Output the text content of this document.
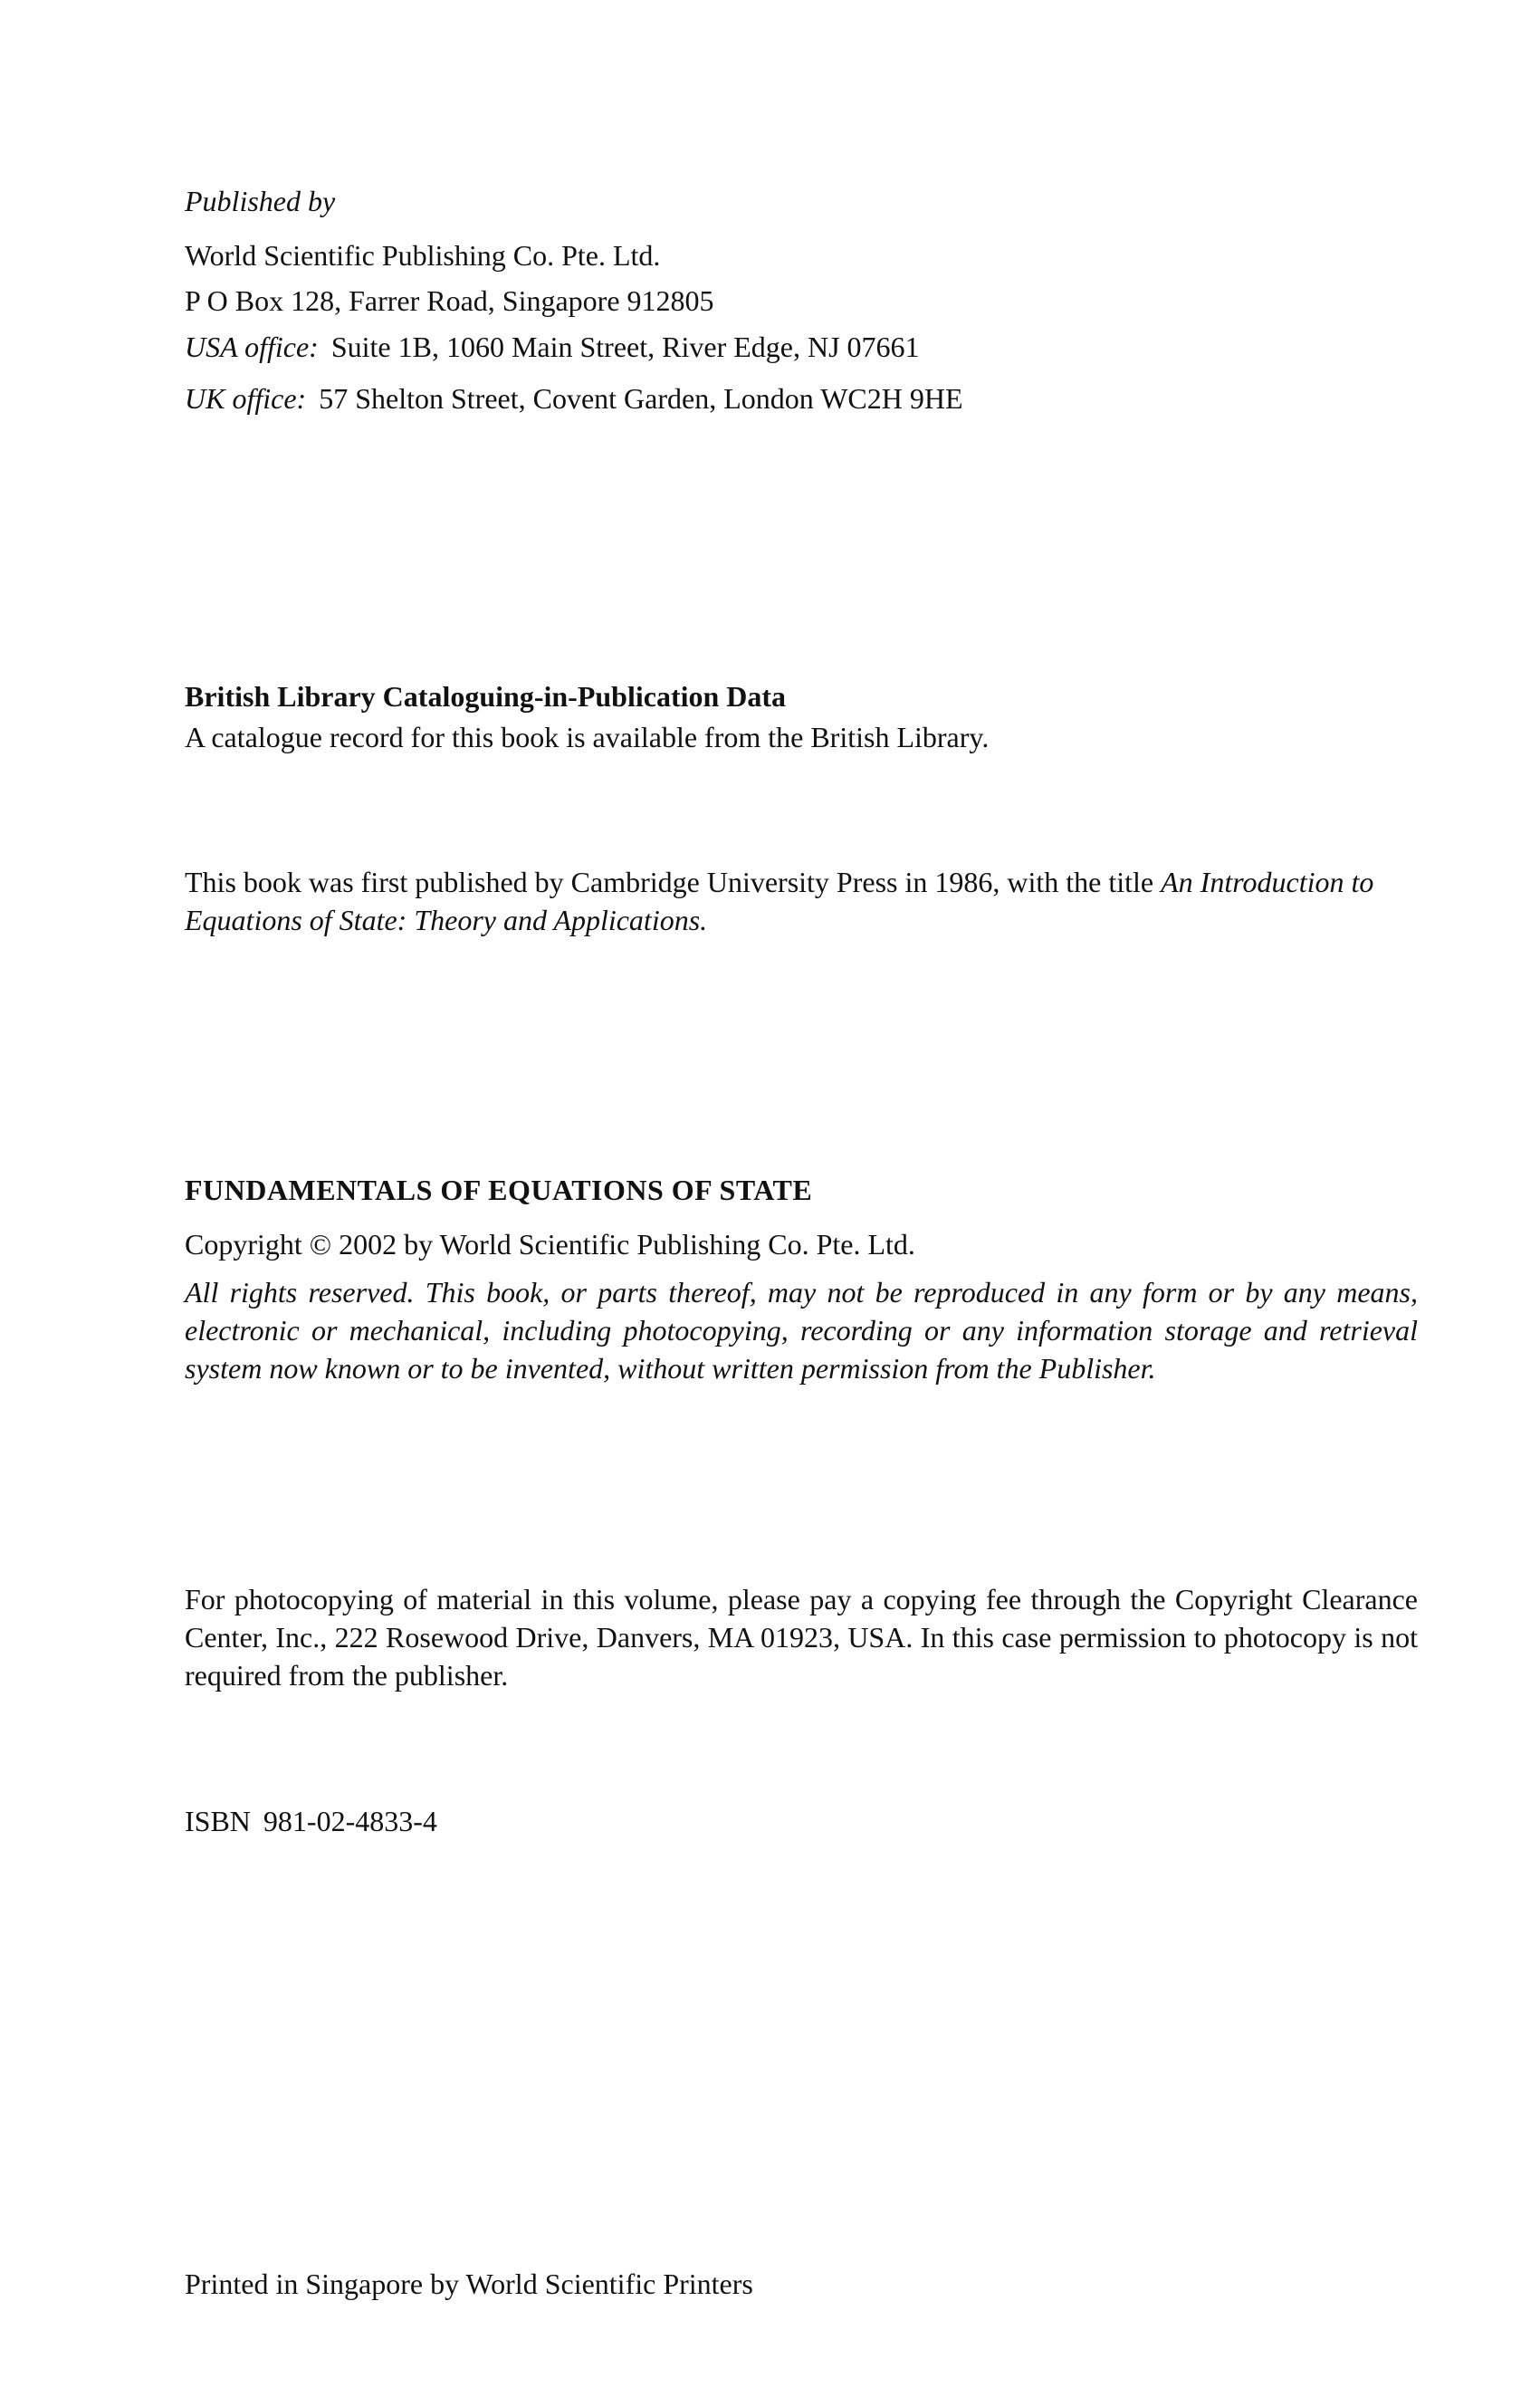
Published by
World Scientific Publishing Co. Pte. Ltd.
P O Box 128, Farrer Road, Singapore 912805
USA office: Suite 1B, 1060 Main Street, River Edge, NJ 07661
UK office: 57 Shelton Street, Covent Garden, London WC2H 9HE
British Library Cataloguing-in-Publication Data
A catalogue record for this book is available from the British Library.
This book was first published by Cambridge University Press in 1986, with the title An Introduction to Equations of State: Theory and Applications.
FUNDAMENTALS OF EQUATIONS OF STATE
Copyright © 2002 by World Scientific Publishing Co. Pte. Ltd.
All rights reserved. This book, or parts thereof, may not be reproduced in any form or by any means, electronic or mechanical, including photocopying, recording or any information storage and retrieval system now known or to be invented, without written permission from the Publisher.
For photocopying of material in this volume, please pay a copying fee through the Copyright Clearance Center, Inc., 222 Rosewood Drive, Danvers, MA 01923, USA. In this case permission to photocopy is not required from the publisher.
ISBN 981-02-4833-4
Printed in Singapore by World Scientific Printers
